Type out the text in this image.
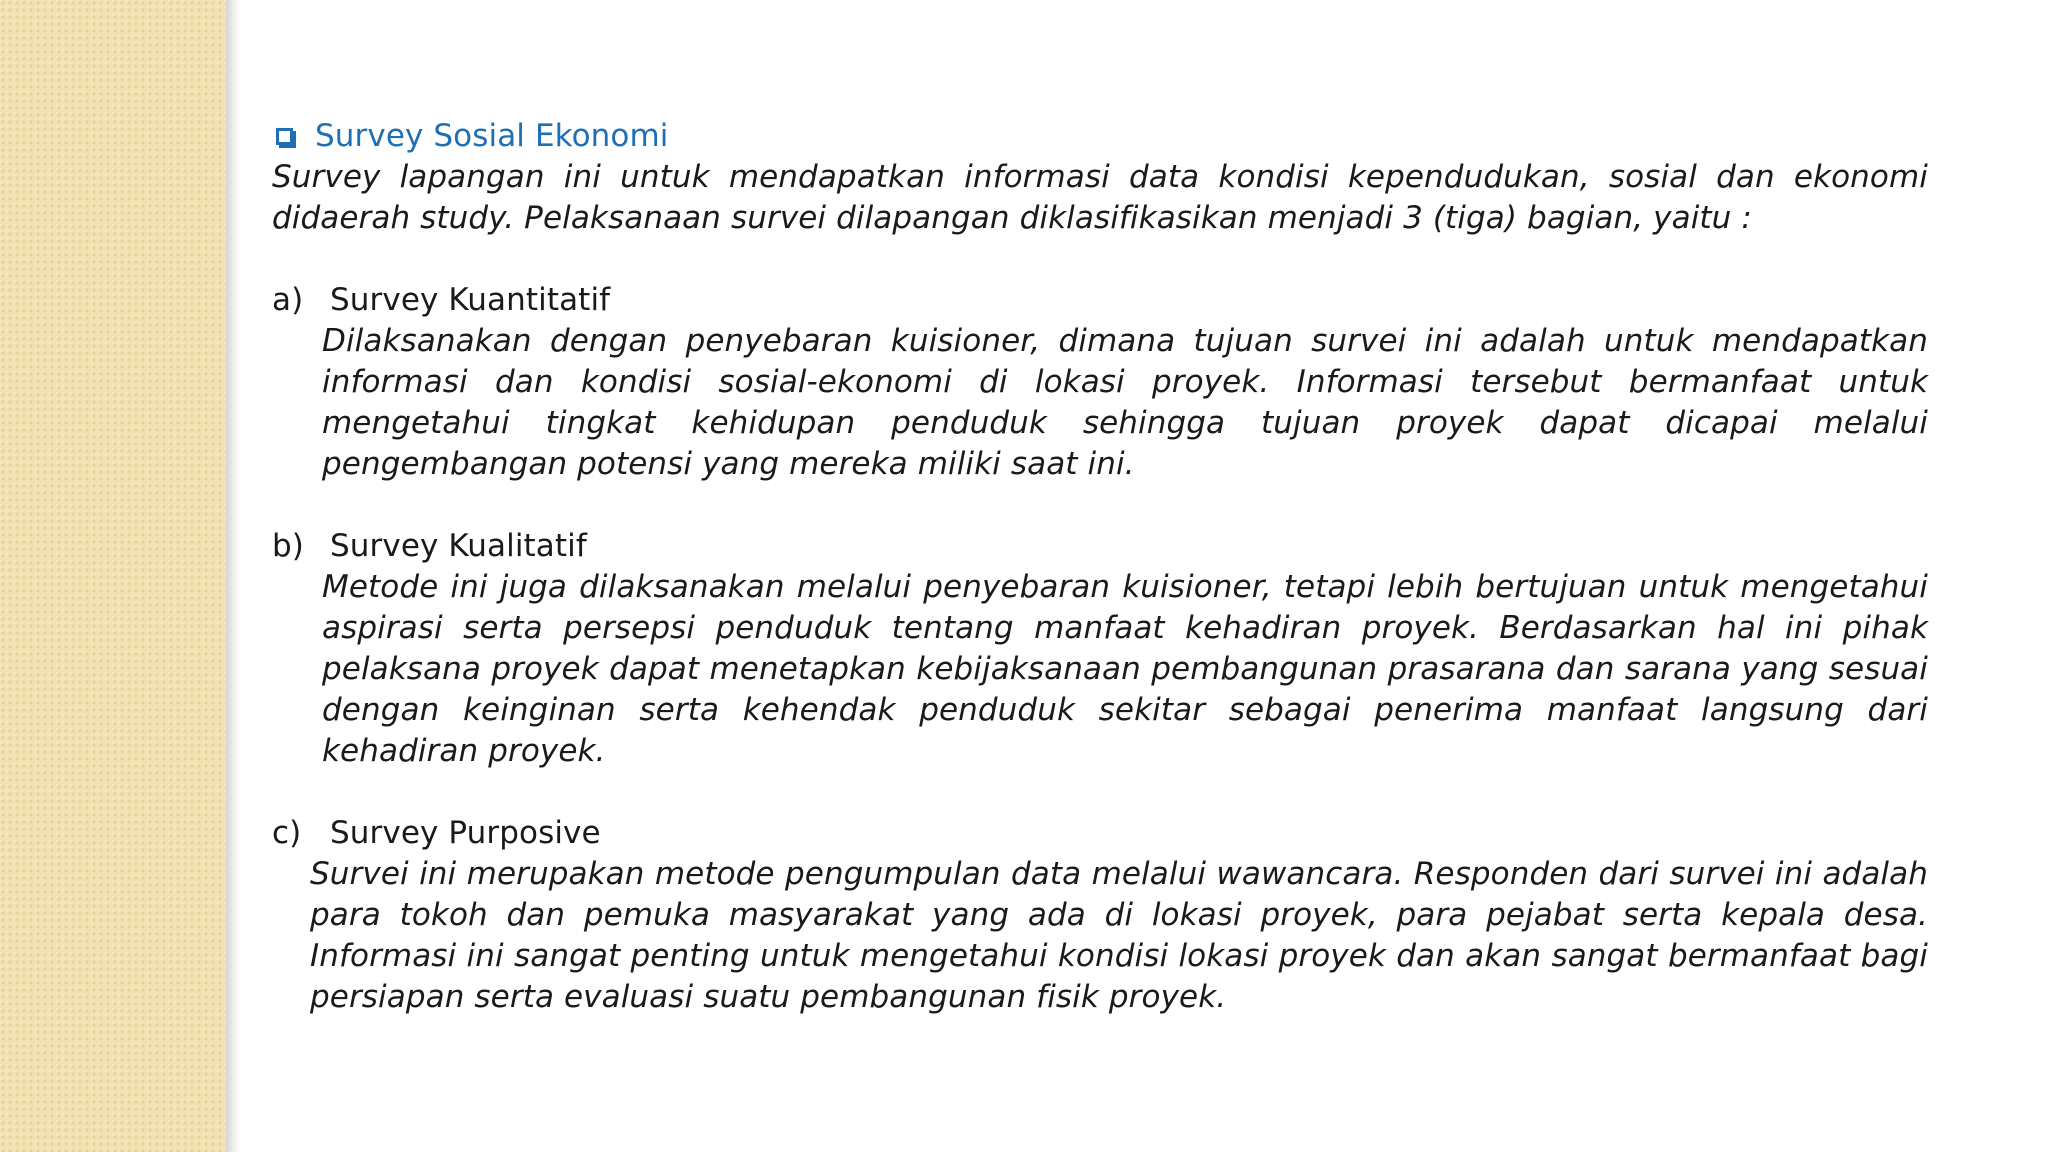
Survey Sosial Ekonomi

Survey lapangan ini untuk mendapatkan informasi data kondisi kependudukan, sosial dan ekonomi didaerah study. Pelaksanaan survei dilapangan diklasifikasikan menjadi 3 (tiga) bagian, yaitu :

a) Survey Kuantitatif

Dilaksanakan dengan penyebaran kuisioner, dimana tujuan survei ini adalah untuk mendapatkan informasi dan kondisi sosial-ekonomi di lokasi proyek. Informasi tersebut bermanfaat untuk mengetahui tingkat kehidupan penduduk sehingga tujuan proyek dapat dicapai melalui pengembangan potensi yang mereka miliki saat ini.

b) Survey Kualitatif

Metode ini juga dilaksanakan melalui penyebaran kuisioner, tetapi lebih bertujuan untuk mengetahui aspirasi serta persepsi penduduk tentang manfaat kehadiran proyek. Berdasarkan hal ini pihak pelaksana proyek dapat menetapkan kebijaksanaan pembangunan prasarana dan sarana yang sesuai dengan keinginan serta kehendak penduduk sekitar sebagai penerima manfaat langsung dari kehadiran proyek.

c) Survey Purposive

Survei ini merupakan metode pengumpulan data melalui wawancara. Responden dari survei ini adalah para tokoh dan pemuka masyarakat yang ada di lokasi proyek, para pejabat serta kepala desa. Informasi ini sangat penting untuk mengetahui kondisi lokasi proyek dan akan sangat bermanfaat bagi persiapan serta evaluasi suatu pembangunan fisik proyek.
